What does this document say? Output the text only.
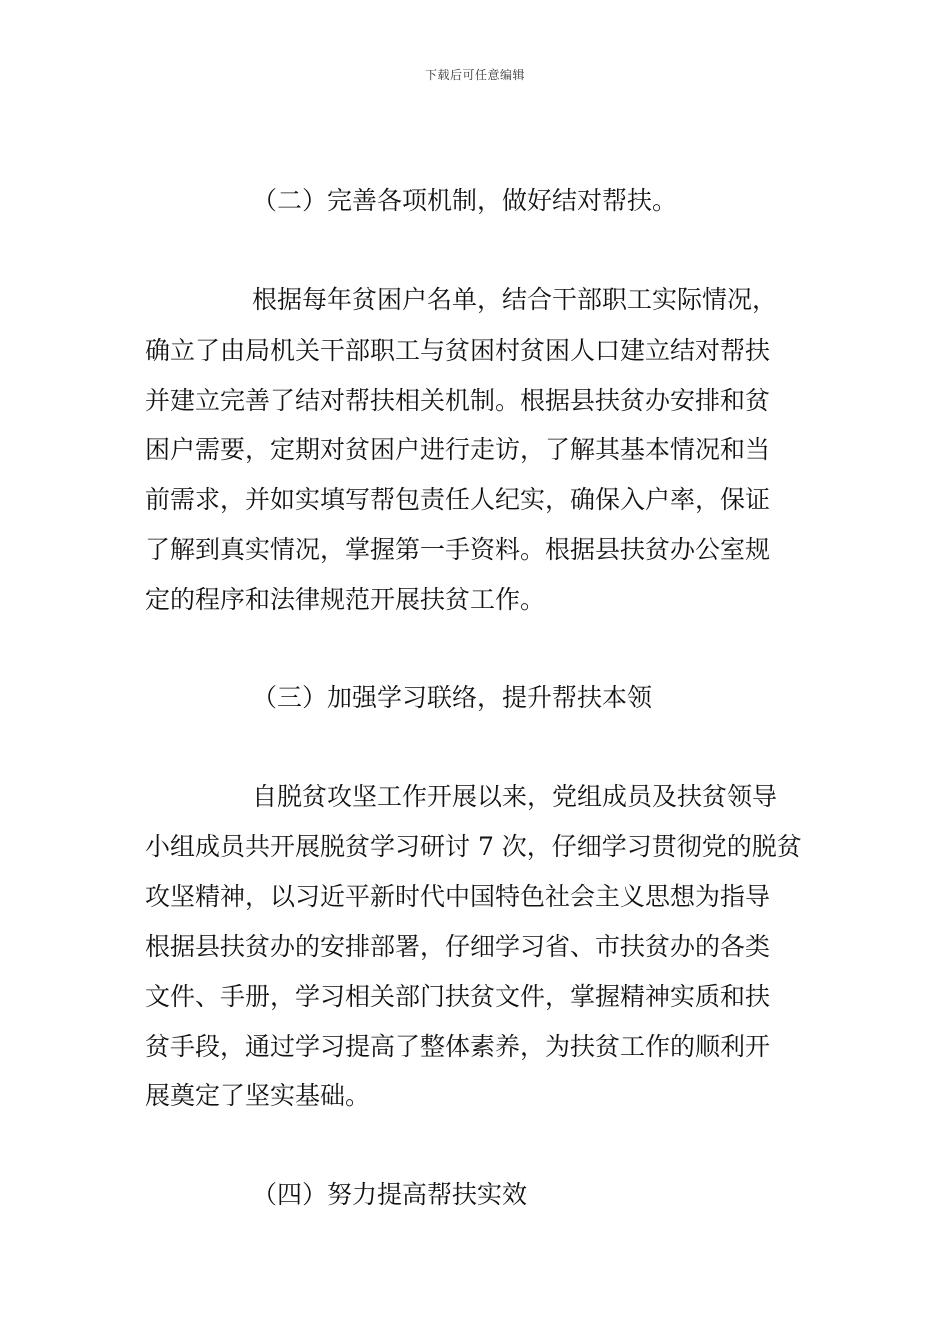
下载后可任意编辑
（二）完善各项机制，做好结对帮扶。
根据每年贫困户名单，结合干部职工实际情况，
确立了由局机关干部职工与贫困村贫困人口建立结对帮扶
并建立完善了结对帮扶相关机制。根据县扶贫办安排和贫
困户需要，定期对贫困户进行走访，了解其基本情况和当
前需求，并如实填写帮包责任人纪实，确保入户率，保证
了解到真实情况，掌握第一手资料。根据县扶贫办公室规
定的程序和法律规范开展扶贫工作。
（三）加强学习联络，提升帮扶本领
自脱贫攻坚工作开展以来，党组成员及扶贫领导
小组成员共开展脱贫学习研讨 7 次，仔细学习贯彻党的脱贫
攻坚精神，以习近平新时代中国特色社会主义思想为指导
根据县扶贫办的安排部署，仔细学习省、市扶贫办的各类
文件、手册，学习相关部门扶贫文件，掌握精神实质和扶
贫手段，通过学习提高了整体素养，为扶贫工作的顺利开
展奠定了坚实基础。
（四）努力提高帮扶实效
